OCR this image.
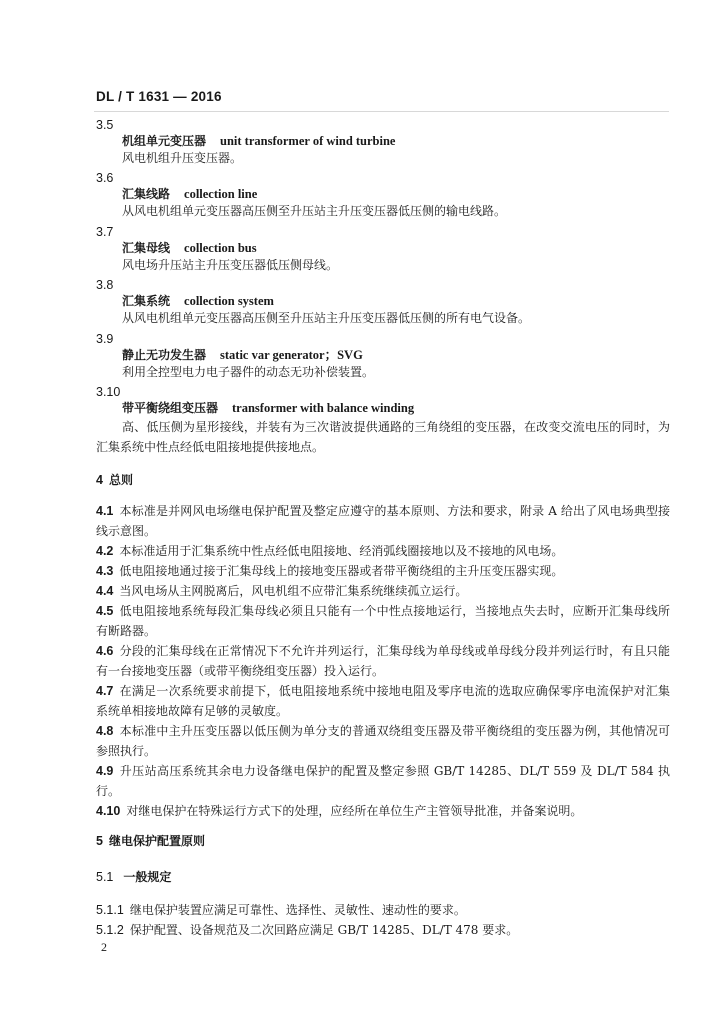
DL / T 1631 — 2016
3.5
机组单元变压器 unit transformer of wind turbine
风电机组升压变压器。
3.6
汇集线路 collection line
从风电机组单元变压器高压侧至升压站主升压变压器低压侧的输电线路。
3.7
汇集母线 collection bus
风电场升压站主升压变压器低压侧母线。
3.8
汇集系统 collection system
从风电机组单元变压器高压侧至升压站主升压变压器低压侧的所有电气设备。
3.9
静止无功发生器 static var generator；SVG
利用全控型电力电子器件的动态无功补偿装置。
3.10
带平衡绕组变压器 transformer with balance winding
高、低压侧为星形接线，并装有为三次谐波提供通路的三角绕组的变压器，在改变交流电压的同时，为汇集系统中性点经低电阻接地提供接地点。
4 总则
4.1 本标准是并网风电场继电保护配置及整定应遵守的基本原则、方法和要求，附录 A 给出了风电场典型接线示意图。
4.2 本标准适用于汇集系统中性点经低电阻接地、经消弧线圈接地以及不接地的风电场。
4.3 低电阻接地通过接于汇集母线上的接地变压器或者带平衡绕组的主升压变压器实现。
4.4 当风电场从主网脱离后，风电机组不应带汇集系统继续孤立运行。
4.5 低电阻接地系统每段汇集母线必须且只能有一个中性点接地运行，当接地点失去时，应断开汇集母线所有断路器。
4.6 分段的汇集母线在正常情况下不允许并列运行，汇集母线为单母线或单母线分段并列运行时，有且只能有一台接地变压器（或带平衡绕组变压器）投入运行。
4.7 在满足一次系统要求前提下，低电阻接地系统中接地电阻及零序电流的选取应确保零序电流保护对汇集系统单相接地故障有足够的灵敏度。
4.8 本标准中主升压变压器以低压侧为单分支的普通双绕组变压器及带平衡绕组的变压器为例，其他情况可参照执行。
4.9 升压站高压系统其余电力设备继电保护的配置及整定参照 GB/T 14285、DL/T 559 及 DL/T 584 执行。
4.10 对继电保护在特殊运行方式下的处理，应经所在单位生产主管领导批准，并备案说明。
5 继电保护配置原则
5.1 一般规定
5.1.1 继电保护装置应满足可靠性、选择性、灵敏性、速动性的要求。
5.1.2 保护配置、设备规范及二次回路应满足 GB/T 14285、DL/T 478 要求。
2
